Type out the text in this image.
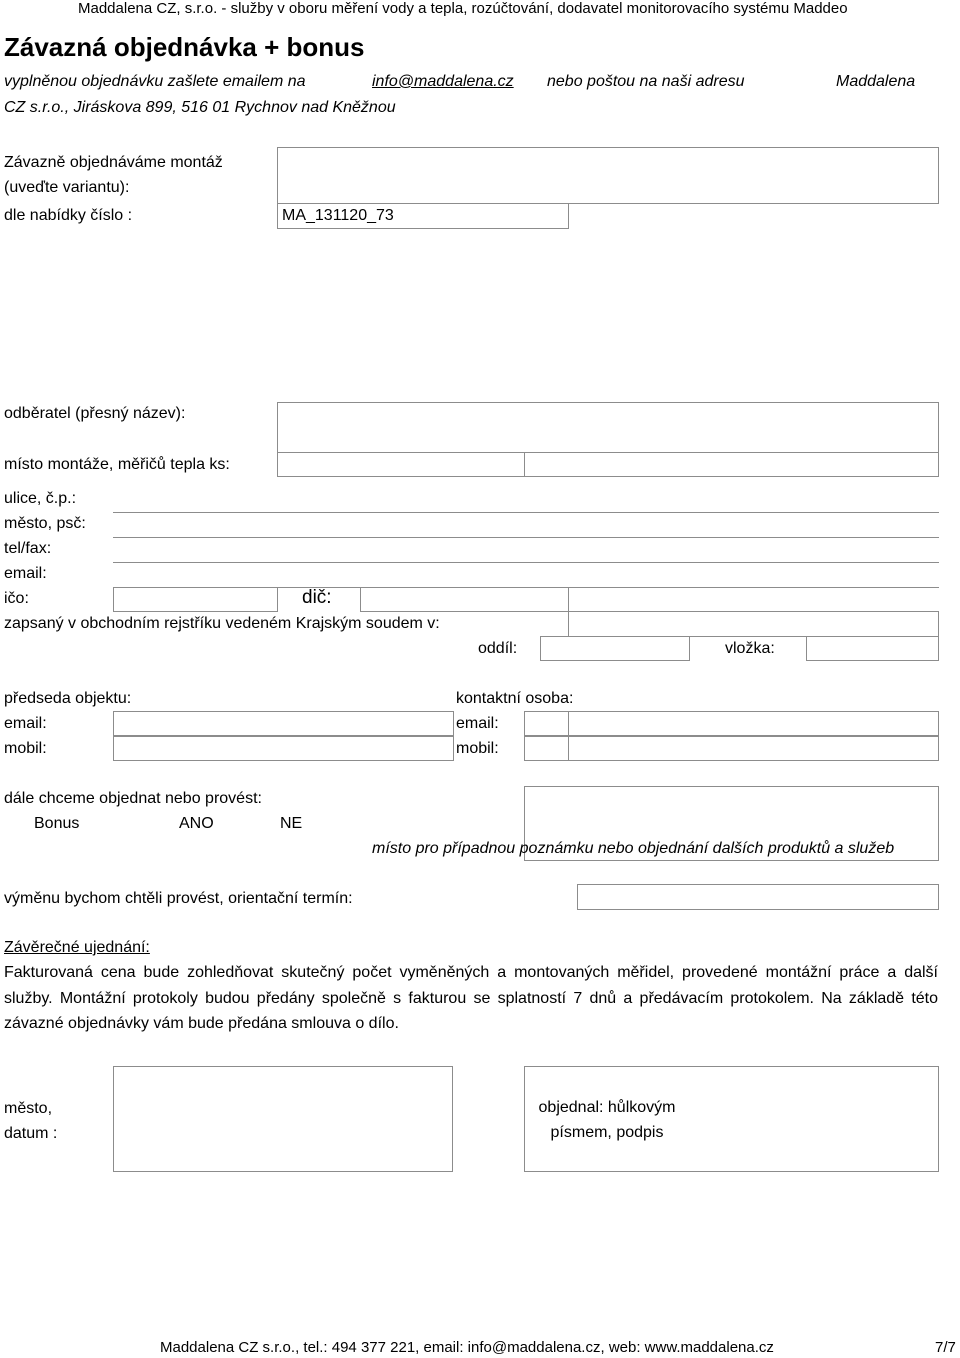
Maddalena CZ, s.r.o. - služby v oboru měření vody a tepla, rozúčtování, dodavatel monitorovacího systému Maddeo
Závazná objednávka + bonus
vyplněnou objednávku zašlete emailem na	info@maddalena.cz nebo poštou na naši adresu	Maddalena
CZ s.r.o., Jiráskova 899, 516 01 Rychnov nad Kněžnou
Závazně objednáváme montáž
(uveďte variantu):
dle nabídky číslo :	MA_131120_73
odběratel (přesný název):
místo montáže, měřičů tepla ks:
ulice, č.p.:
město, psč:
tel/fax:
email:
ičo:	dič:
zapsaný v obchodním rejstříku vedeném Krajským soudem v:
oddíl:	vložka:
předseda objektu:	kontaktní osoba:
email:
mobil:
email:
mobil:
dále chceme objednat nebo provést:
Bonus	ANO	NE
místo pro případnou poznámku nebo objednání dalších produktů a služeb
výměnu bychom chtěli provést, orientační termín:
Závěrečné ujednání:
Fakturovaná cena bude zohledňovat skutečný počet vyměněných a montovaných měřidel, provedené montážní práce a další služby. Montážní protokoly budou předány společně s fakturou se splatností 7 dnů a předávacím protokolem. Na základě této závazné objednávky vám bude předána smlouva o dílo.
město,
datum :
objednal: hůlkovým
písmem, podpis
Maddalena CZ s.r.o., tel.: 494 377 221, email: info@maddalena.cz, web: www.maddalena.cz	7/7
